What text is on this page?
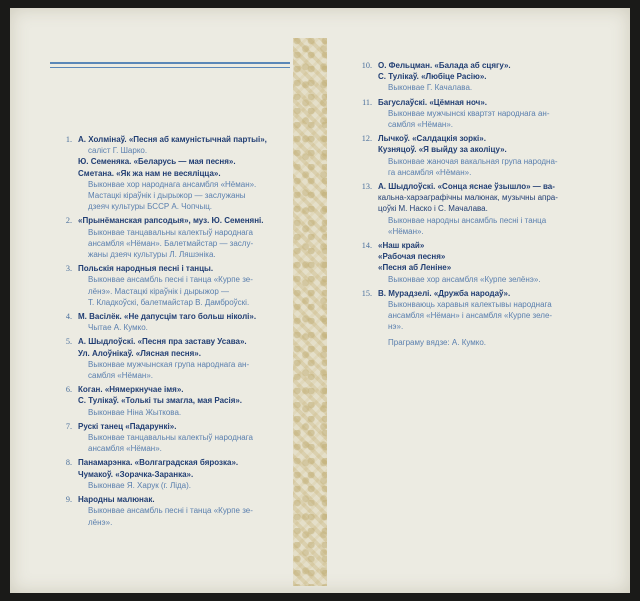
1. А. Холмінаў. «Песня аб камуністычнай партыі»,
саліст Г. Шарко.
Ю. Семеняка. «Беларусь — мая песня».
Сметана. «Як жа нам не весяліцца».
Выконвае хор народнага ансамбля «Нёман».
Мастацкі кіраўнік і дырыжор — заслужаны
дзеяч культуры БССР А. Чопчыц.
2. «Прынёманская рапсодыя», муз. Ю. Семеняні.
Выконвае танцавальны калектыў народнага
ансамбля «Нёман». Балетмайстар — заслу-
жаны дзеяч культуры Л. Ляшэніка.
3. Польскія народныя песні і танцы.
Выконвае ансамбль песні і танца «Курпе зе-
лёнэ». Мастацкі кіраўнік і дырыжор —
Т. Кладкоўскі, балетмайстар В. Дамброўскі.
4. М. Васілёк. «Не дапусцім таго больш ніколі».
Чытае А. Кумко.
5. А. Шыдлоўскі. «Песня пра заставу Усава».
Ул. Алоўнікаў. «Лясная песня».
Выконвае мужчынская група народнага ан-
самбля «Нёман».
6. Коган. «Нямеркнучае імя».
С. Тулікаў. «Толькі ты змагла, мая Расія».
Выконвае Ніна Жыткова.
7. Рускі танец «Падарункі».
Выконвае танцавальны калектыў народнага
ансамбля «Нёман».
8. Панамарэнка. «Волгаградская бярозка».
Чумакоў. «Зорачка-Заранка».
Выконвае Я. Харук (г. Ліда).
9. Народны малюнак.
Выконвае ансамбль песні і танца «Курпе зе-
лёнэ».
10. О. Фельцман. «Балада аб сцягу».
С. Тулікаў. «Любіце Расію».
Выконвае Г. Качалава.
11. Багуслаўскі. «Цёмная ноч».
Выконвае мужчынскі квартэт народнага ан-
самбля «Нёман».
12. Лычкоў. «Салдацкія зоркі».
Кузняцоў. «Я выйду за аколіцу».
Выконвае жаночая вакальная група народна-
га ансамбля «Нёман».
13. А. Шыдлоўскі. «Сонца яснае ўзышло» — ва-
кальна-харэаграфічны малюнак, музычны апра-
цоўкі М. Наско і С. Мачалава.
Выконвае народны ансамбль песні і танца
«Нёман».
14. «Наш край»
«Рабочая песня»
«Песня аб Леніне»
Выконвае хор ансамбля «Курпе зелёнэ».
15. В. Мурадзелі. «Дружба народаў».
Выконваюць харавыя калектывы народнага
ансамбля «Нёман» і ансамбля «Курпе зеле-
нэ».
Праграму вядзе: А. Кумко.
